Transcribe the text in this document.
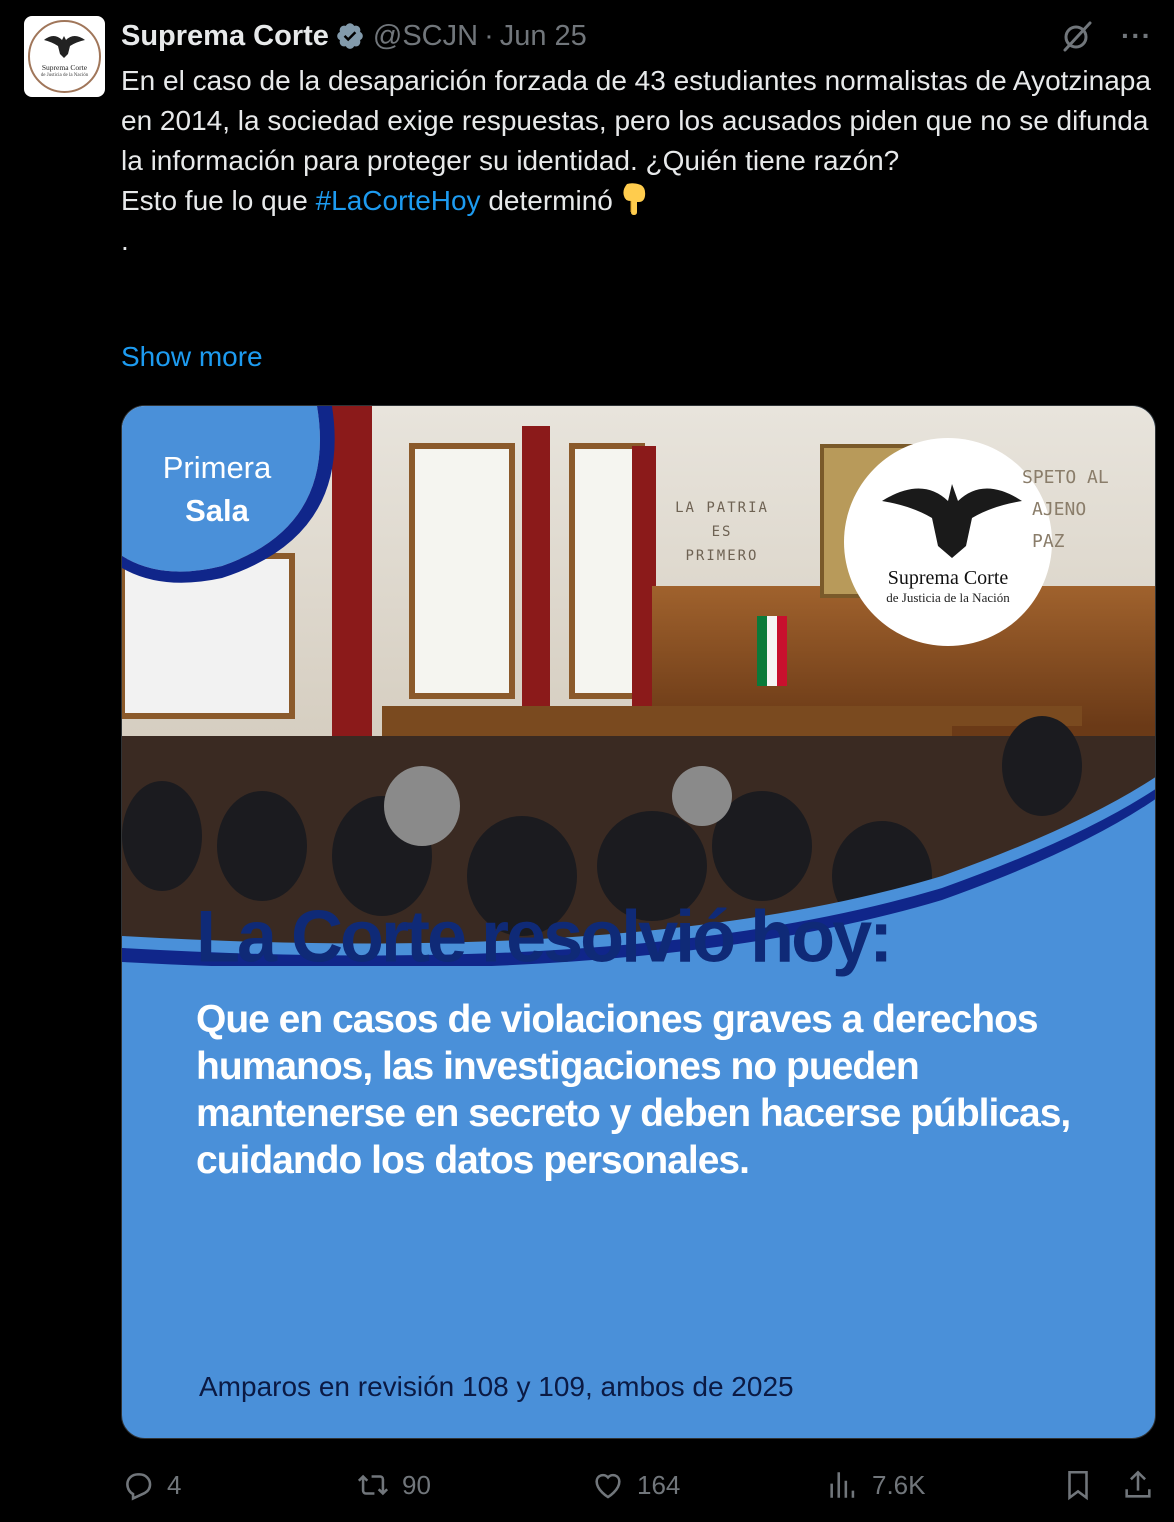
Suprema Corte
de Justicia de la Nación
Suprema Corte @SCJN · Jun 25	···

En el caso de la desaparición forzada de 43 estudiantes normalistas de Ayotzinapa en 2014, la sociedad exige respuestas, pero los acusados piden que no se difunda la información para proteger su identidad. ¿Quién tiene razón?

Esto fue lo que #LaCorteHoy determinó

.

Show more
Primera
Sala	LA PATRIA
ES
PRIMERO
SPETO AL
AJENO
PAZ
Suprema Corte
de Justicia de la Nación
La Corte resolvió hoy:
Que en casos de violaciones graves a derechos humanos, las investigaciones no pueden mantenerse en secreto y deben hacerse públicas, cuidando los datos personales.
Amparos en revisión 108 y 109, ambos de 2025
4	90	164	7.6K
